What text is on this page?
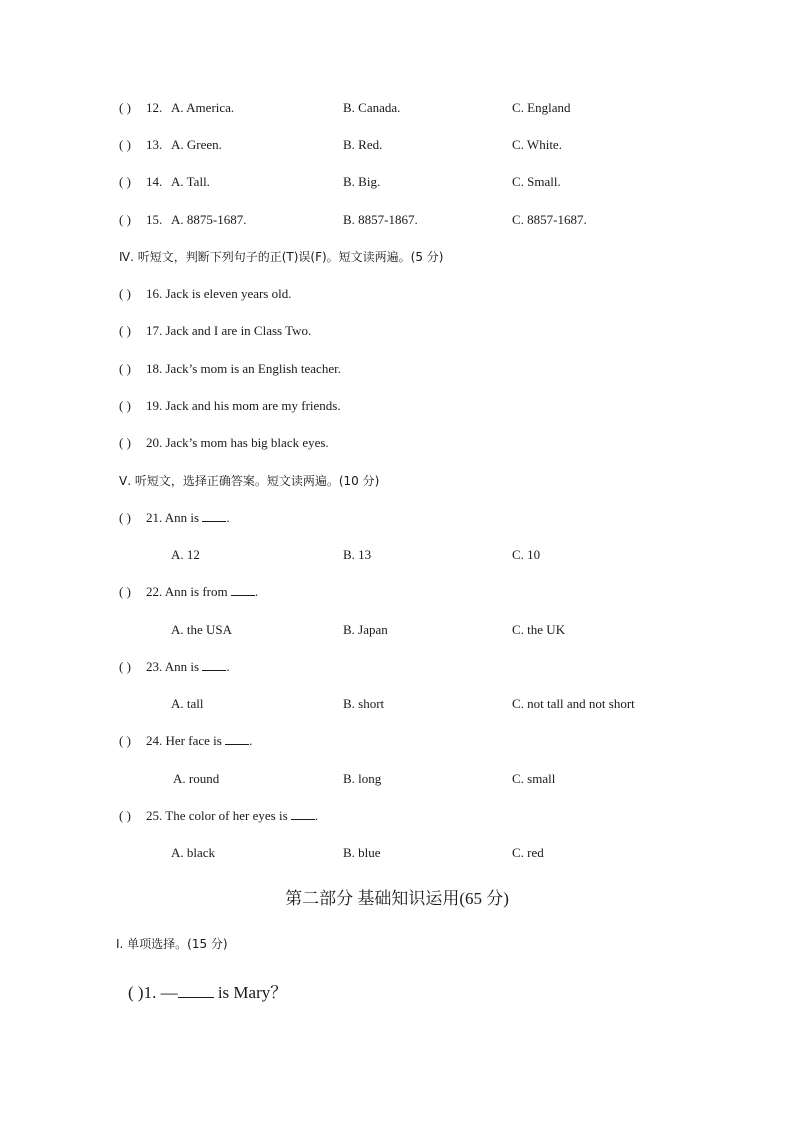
( ) 12. A. America.	B. Canada.	C. England
( ) 13. A. Green.	B. Red.	C. White.
( ) 14. A. Tall.	B. Big.	C. Small.
( ) 15. A. 8875-1687.	B. 8857-1867.	C. 8857-1687.
Ⅳ. 听短文，判断下列句子的正(T)误(F)。短文读两遍。(5 分)
( ) 16. Jack is eleven years old.
( ) 17. Jack and I are in Class Two.
( ) 18. Jack’s mom is an English teacher.
( ) 19. Jack and his mom are my friends.
( ) 20. Jack’s mom has big black eyes.
Ⅴ. 听短文，选择正确答案。短文读两遍。(10 分)
( ) 21. Ann is .
A. 12	B. 13	C. 10
( ) 22. Ann is from .
A. the USA	B. Japan	C. the UK
( ) 23. Ann is .
A. tall	B. short	C. not tall and not short
( ) 24. Her face is .
A. round	B. long	C. small
( ) 25. The color of her eyes is .
A. black	B. blue	C. red
第二部分 基础知识运用(65 分)
Ⅰ. 单项选择。(15 分)
( )1. — is Mary？
